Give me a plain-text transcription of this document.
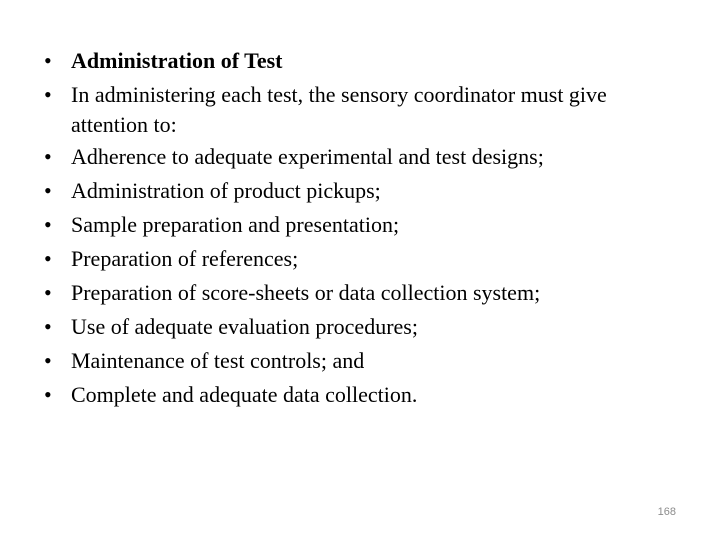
• Administration of Test
• In administering each test, the sensory coordinator must give attention to:
• Adherence to adequate experimental and test designs;
• Administration of product pickups;
• Sample preparation and presentation;
• Preparation of references;
• Preparation of score-sheets or data collection system;
• Use of adequate evaluation procedures;
• Maintenance of test controls; and
• Complete and adequate data collection.
168
